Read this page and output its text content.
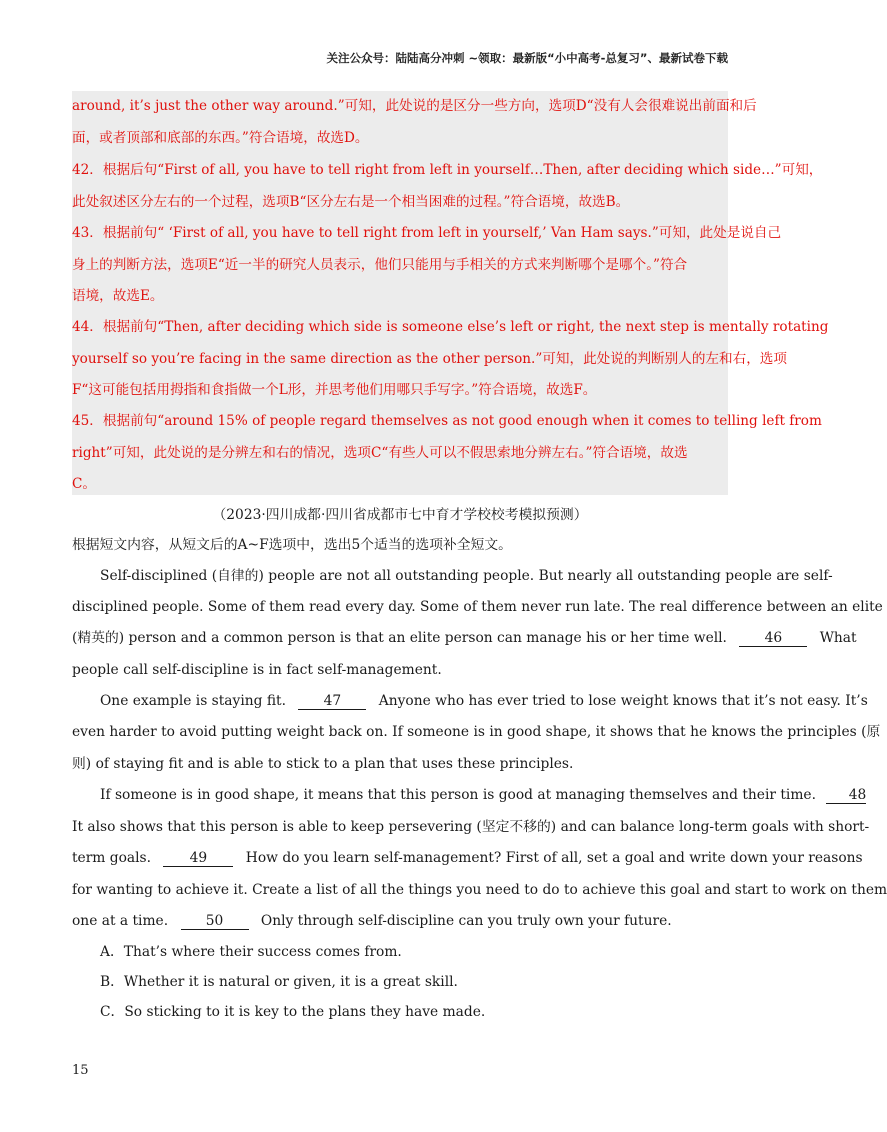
关注公众号：陆陆高分冲刺 ~领取：最新版“小中高考-总复习”、最新试卷下载
around, it’s just the other way around.”可知，此处说的是区分一些方向，选项D“没有人会很难说出前面和后
面，或者顶部和底部的东西。”符合语境，故选D。
42．根据后句“First of all, you have to tell right from left in yourself…Then, after deciding which side…”可知，
此处叙述区分左右的一个过程，选项B“区分左右是一个相当困难的过程。”符合语境，故选B。
43．根据前句“ ‘First of all, you have to tell right from left in yourself,’ Van Ham says.”可知，此处是说自己
身上的判断方法，选项E“近一半的研究人员表示，他们只能用与手相关的方式来判断哪个是哪个。”符合
语境，故选E。
44．根据前句“Then, after deciding which side is someone else’s left or right, the next step is mentally rotating
yourself so you’re facing in the same direction as the other person.”可知，此处说的判断别人的左和右，选项
F“这可能包括用拇指和食指做一个L形，并思考他们用哪只手写字。”符合语境，故选F。
45．根据前句“around 15% of people regard themselves as not good enough when it comes to telling left from
right”可知，此处说的是分辨左和右的情况，选项C“有些人可以不假思索地分辨左右。”符合语境，故选
C。
（2023·四川成都·四川省成都市七中育才学校校考模拟预测）
根据短文内容，从短文后的A~F选项中，选出5个适当的选项补全短文。
Self-disciplined (自律的) people are not all outstanding people. But nearly all outstanding people are self-
disciplined people. Some of them read every day. Some of them never run late. The real difference between an elite
(精英的) person and a common person is that an elite person can manage his or her time well.	46	What
people call self-discipline is in fact self-management.
One example is staying fit.	47	Anyone who has ever tried to lose weight knows that it’s not easy. It’s
even harder to avoid putting weight back on. If someone is in good shape, it shows that he knows the principles (原
则) of staying fit and is able to stick to a plan that uses these principles.
If someone is in good shape, it means that this person is good at managing themselves and their time. 48
It also shows that this person is able to keep persevering (坚定不移的) and can balance long-term goals with short-
term goals.	49	How do you learn self-management? First of all, set a goal and write down your reasons
for wanting to achieve it. Create a list of all the things you need to do to achieve this goal and start to work on them
one at a time.	50	Only through self-discipline can you truly own your future.
A．That’s where their success comes from.
B．Whether it is natural or given, it is a great skill.
C．So sticking to it is key to the plans they have made.
15
